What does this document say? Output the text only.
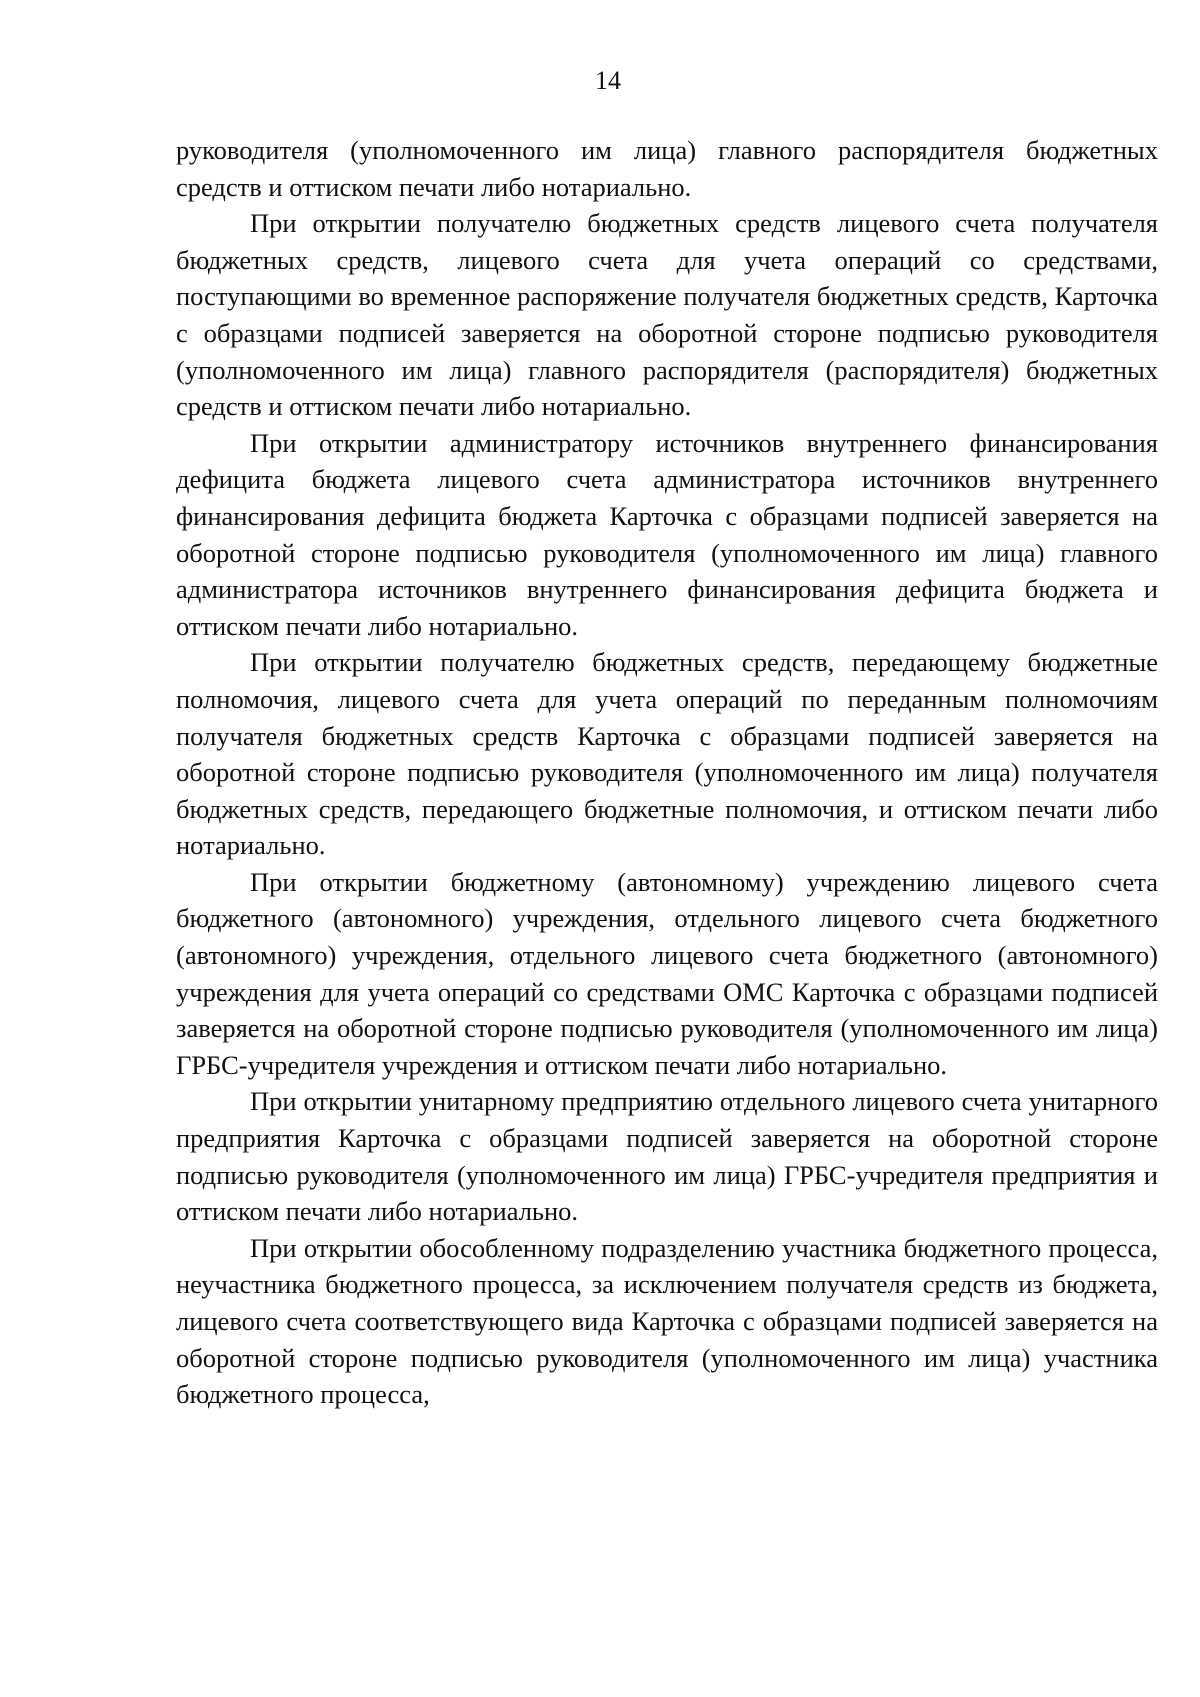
14

руководителя (уполномоченного им лица) главного распорядителя бюджетных средств и оттиском печати либо нотариально.

При открытии получателю бюджетных средств лицевого счета получателя бюджетных средств, лицевого счета для учета операций со средствами, поступающими во временное распоряжение получателя бюджетных средств, Карточка с образцами подписей заверяется на оборотной стороне подписью руководителя (уполномоченного им лица) главного распорядителя (распорядителя) бюджетных средств и оттиском печати либо нотариально.

При открытии администратору источников внутреннего финансирования дефицита бюджета лицевого счета администратора источников внутреннего финансирования дефицита бюджета Карточка с образцами подписей заверяется на оборотной стороне подписью руководителя (уполномоченного им лица) главного администратора источников внутреннего финансирования дефицита бюджета и оттиском печати либо нотариально.

При открытии получателю бюджетных средств, передающему бюджетные полномочия, лицевого счета для учета операций по переданным полномочиям получателя бюджетных средств Карточка с образцами подписей заверяется на оборотной стороне подписью руководителя (уполномоченного им лица) получателя бюджетных средств, передающего бюджетные полномочия, и оттиском печати либо нотариально.

При открытии бюджетному (автономному) учреждению лицевого счета бюджетного (автономного) учреждения, отдельного лицевого счета бюджетного (автономного) учреждения, отдельного лицевого счета бюджетного (автономного) учреждения для учета операций со средствами ОМС Карточка с образцами подписей заверяется на оборотной стороне подписью руководителя (уполномоченного им лица) ГРБС-учредителя учреждения и оттиском печати либо нотариально.

При открытии унитарному предприятию отдельного лицевого счета унитарного предприятия Карточка с образцами подписей заверяется на оборотной стороне подписью руководителя (уполномоченного им лица) ГРБС-учредителя предприятия и оттиском печати либо нотариально.

При открытии обособленному подразделению участника бюджетного процесса, неучастника бюджетного процесса, за исключением получателя средств из бюджета, лицевого счета соответствующего вида Карточка с образцами подписей заверяется на оборотной стороне подписью руководителя (уполномоченного им лица) участника бюджетного процесса,
